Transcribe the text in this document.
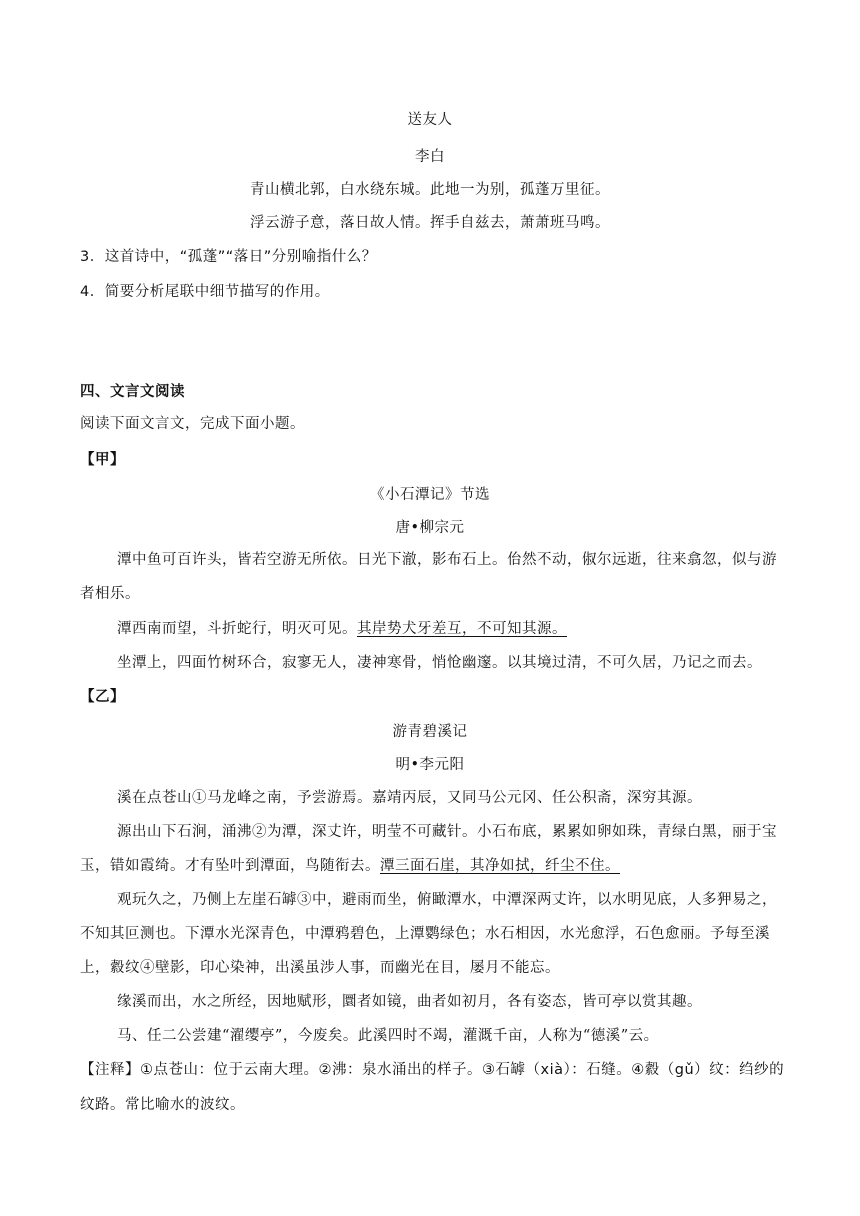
送友人
李白
青山横北郭，白水绕东城。此地一为别，孤蓬万里征。
浮云游子意，落日故人情。挥手自兹去，萧萧班马鸣。
3．这首诗中，“孤蓬”“落日”分别喻指什么？
4．简要分析尾联中细节描写的作用。
四、文言文阅读
阅读下面文言文，完成下面小题。
【甲】
《小石潭记》节选
唐•柳宗元
潭中鱼可百许头，皆若空游无所依。日光下澈，影布石上。佁然不动，俶尔远逝，往来翕忽，似与游
者相乐。
潭西南而望，斗折蛇行，明灭可见。其岸势犬牙差互，不可知其源。
坐潭上，四面竹树环合，寂寥无人，凄神寒骨，悄怆幽邃。以其境过清，不可久居，乃记之而去。
【乙】
游青碧溪记
明•李元阳
溪在点苍山①马龙峰之南，予尝游焉。嘉靖丙辰，又同马公元冈、任公积斋，深穷其源。
源出山下石涧，涌沸②为潭，深丈许，明莹不可藏针。小石布底，累累如卵如珠，青绿白黑，丽于宝
玉，错如霞绮。才有坠叶到潭面，鸟随衔去。潭三面石崖，其净如拭，纤尘不住。
观玩久之，乃侧上左崖石罅③中，避雨而坐，俯瞰潭水，中潭深两丈许，以水明见底，人多狎易之，
不知其叵测也。下潭水光深青色，中潭鸦碧色，上潭鹦绿色；水石相因，水光愈浮，石色愈丽。予每至溪
上，縠纹④壁影，印心染神，出溪虽涉人事，而幽光在目，屡月不能忘。
缘溪而出，水之所经，因地赋形，圜者如镜，曲者如初月，各有姿态，皆可亭以赏其趣。
马、任二公尝建“濯缨亭”，今废矣。此溪四时不竭，灌溉千亩，人称为“德溪”云。
【注释】①点苍山：位于云南大理。②沸：泉水涌出的样子。③石罅（xià）：石缝。④縠（gǔ）纹：绉纱的
纹路。常比喻水的波纹。
